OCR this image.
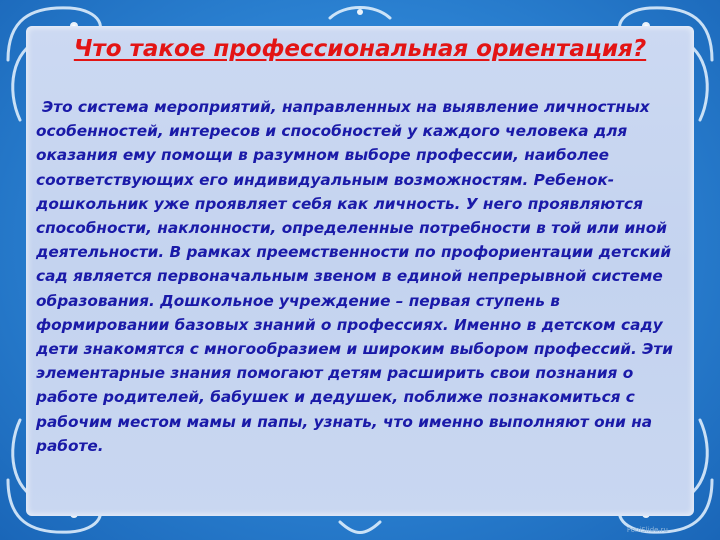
Что такое профессиональная ориентация?
Это система мероприятий, направленных на выявление личностных особенностей, интересов и способностей у каждого человека для оказания ему помощи в разумном выборе профессии, наиболее соответствующих его индивидуальным возможностям. Ребенок-дошкольник уже проявляет себя как личность. У него проявляются способности, наклонности, определенные потребности в той или иной деятельности. В рамках преемственности по профориентации детский сад является первоначальным звеном в единой непрерывной системе образования. Дошкольное учреждение – первая ступень в формировании базовых знаний о профессиях. Именно в детском саду дети знакомятся с многообразием и широким выбором профессий. Эти элементарные знания помогают детям расширить свои познания о работе родителей, бабушек и дедушек, поближе познакомиться с рабочим местом мамы и папы, узнать, что именно выполняют они на работе.
FoniSlide.ru
